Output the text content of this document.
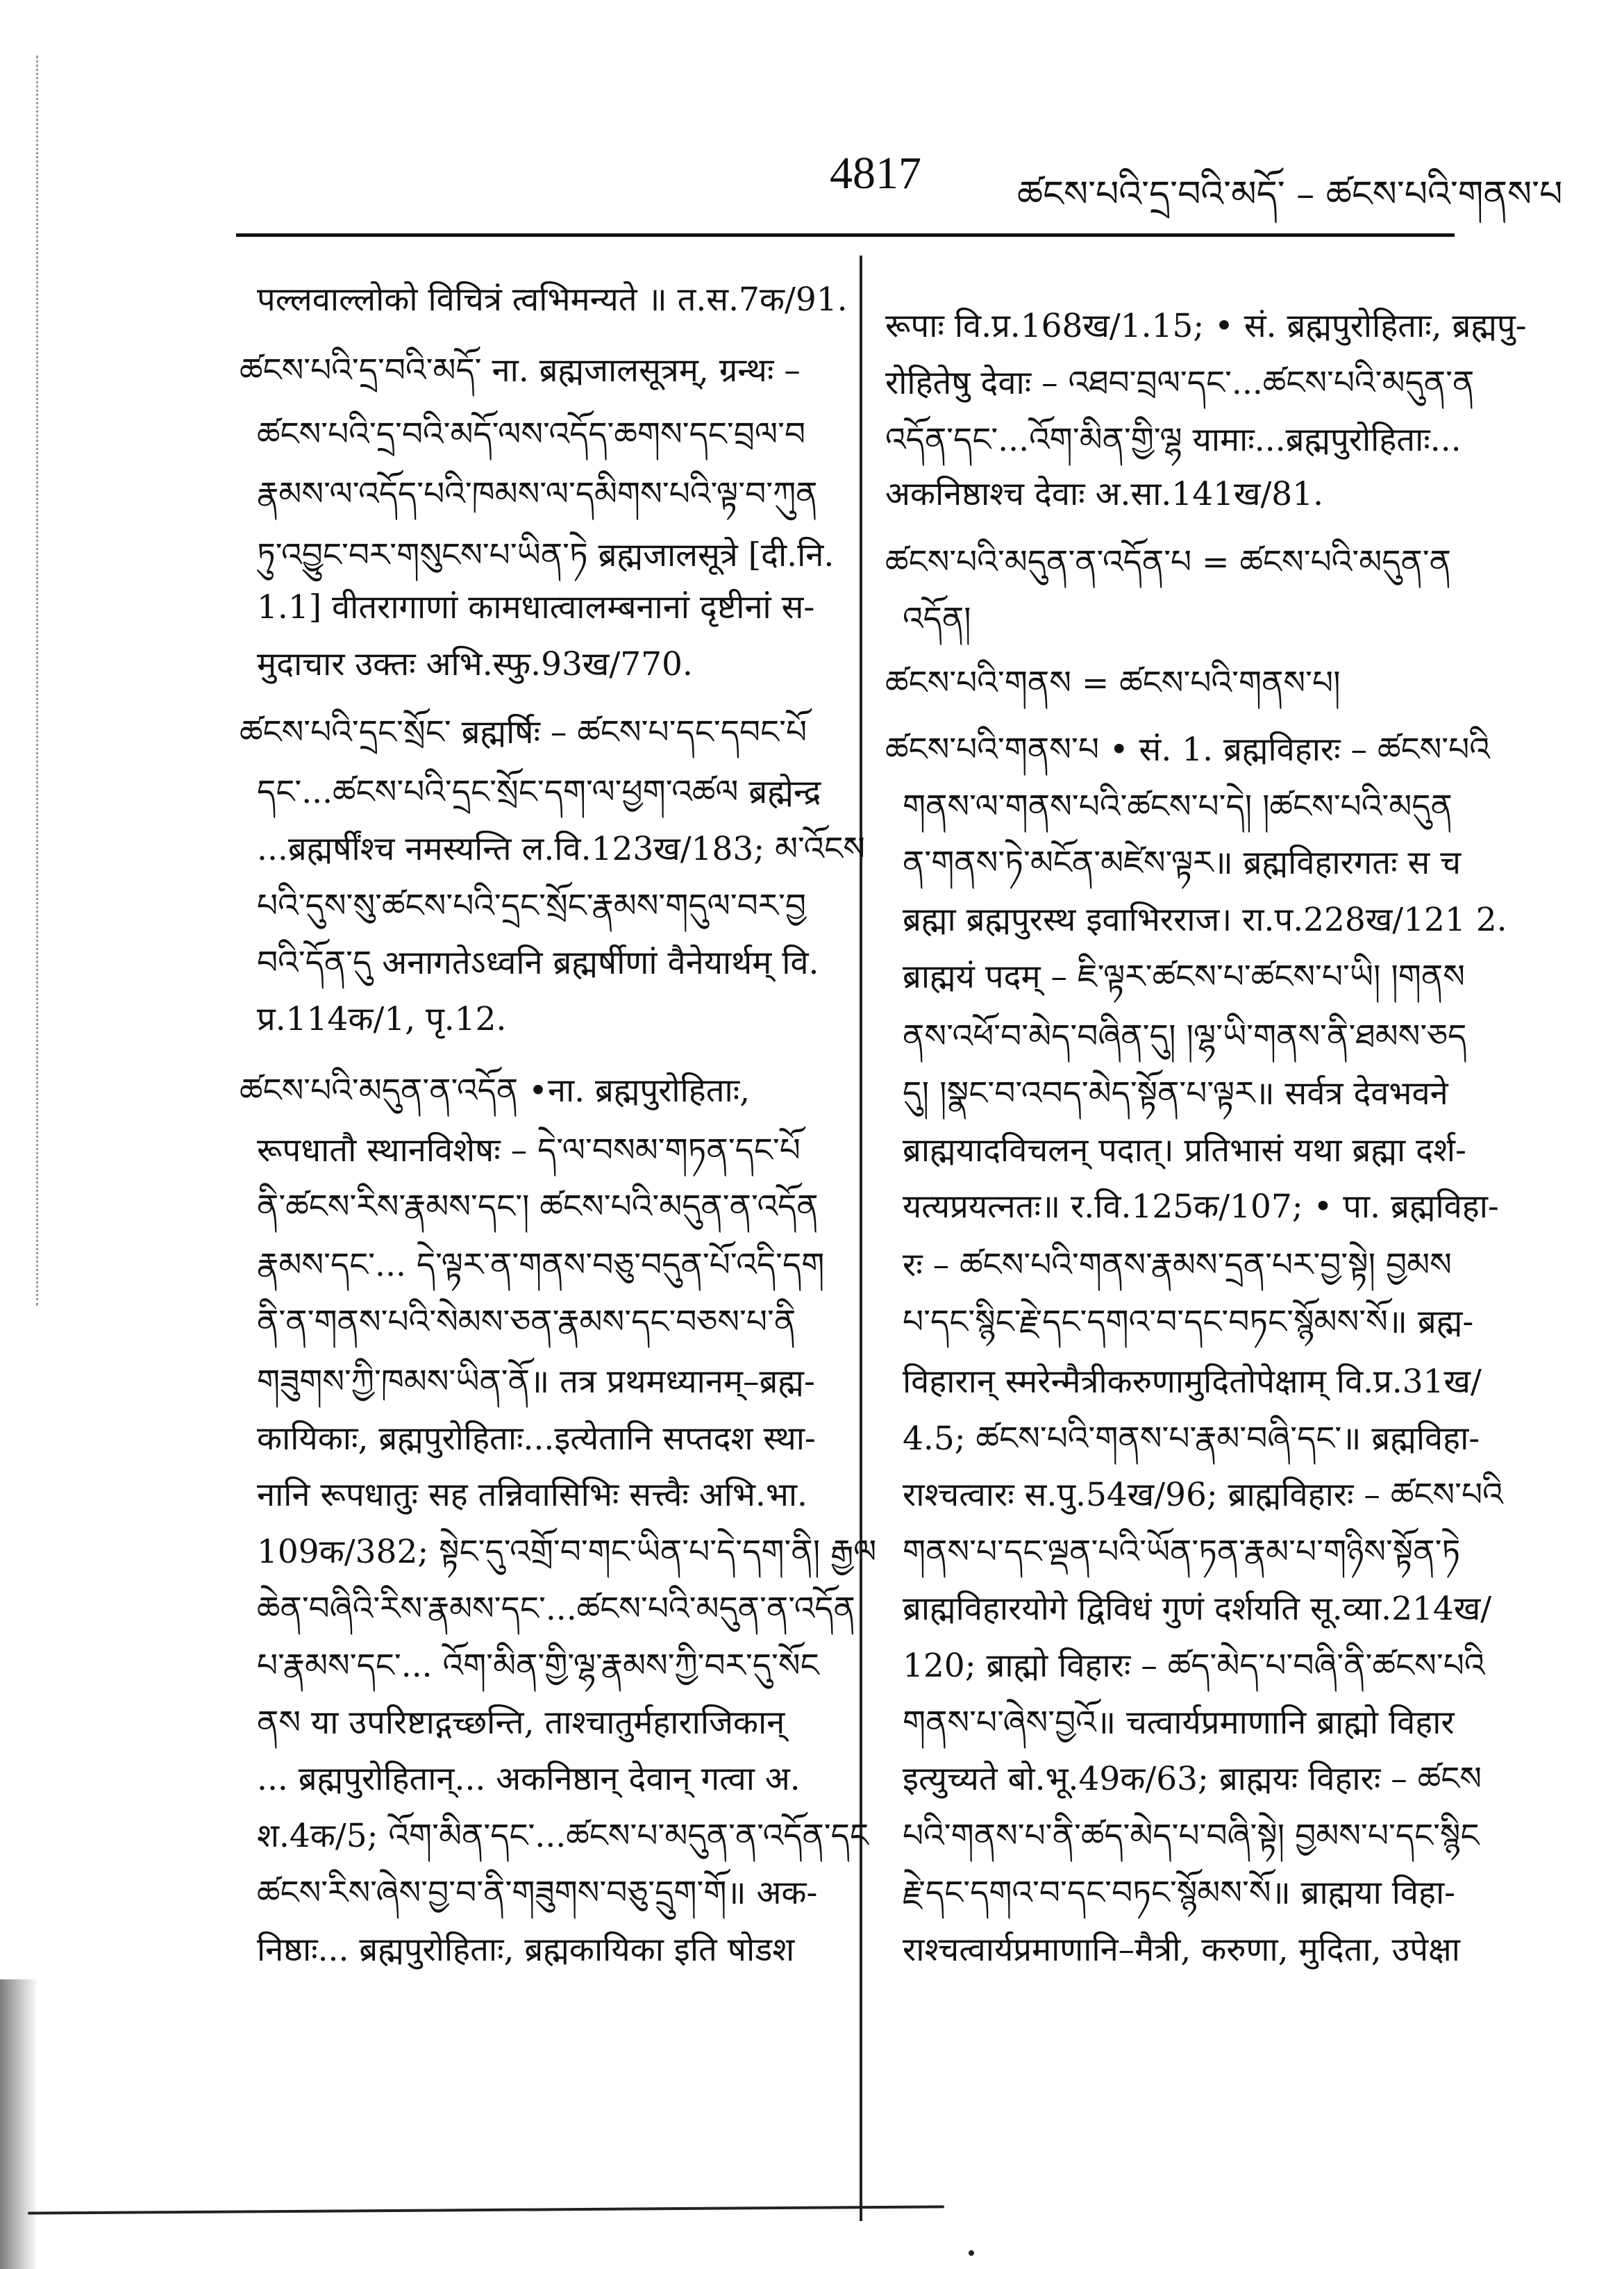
4817	ཚངས་པའི་དྲ་བའི་མདོ་ – ཚངས་པའི་གནས་པ
पल्लवाल्लोको विचित्रं त्वभिमन्यते ॥ त.स.7क/91.
ཚངས་པའི་དྲ་བའི་མདོ་ ना. ब्रह्मजालसूत्रम्, ग्रन्थः –
ཚངས་པའི་དྲ་བའི་མདོ་ལས་འདོད་ཆགས་དང་བྲལ་བ
རྣམས་ལ་འདོད་པའི་ཁམས་ལ་དམིགས་པའི་ལྟ་བ་ཀུན
ཏུ་འབྱུང་བར་གསུངས་པ་ཡིན་ཏེ ब्रह्मजालसूत्रे [दी.नि.
1.1] वीतरागाणां कामधात्वालम्बनानां दृष्टीनां स-
मुदाचार उक्तः अभि.स्फु.93ख/770.
ཚངས་པའི་དྲང་སྲོང་ ब्रह्मर्षिः – ཚངས་པ་དང་དབང་པོ
དང་...ཚངས་པའི་དྲང་སྲོང་དག་ལ་ཕྱག་འཚལ ब्रह्मेन्द्र
...ब्रह्मर्षींश्च नमस्यन्ति ल.वि.123ख/183; མ་འོངས
པའི་དུས་སུ་ཚངས་པའི་དྲང་སྲོང་རྣམས་གདུལ་བར་བྱ
བའི་དོན་དུ अनागतेऽध्वनि ब्रह्मर्षीणां वैनेयार्थम् वि.
प्र.114क/1, पृ.12.
ཚངས་པའི་མདུན་ན་འདོན •ना. ब्रह्मपुरोहिताः,
रूपधातौ स्थानविशेषः – དེ་ལ་བསམ་གཏན་དང་པོ
ནི་ཚངས་རིས་རྣམས་དང་། ཚངས་པའི་མདུན་ན་འདོན
རྣམས་དང་... དེ་ལྟར་ན་གནས་བཅུ་བདུན་པོ་འདི་དག
ནི་ན་གནས་པའི་སེམས་ཅན་རྣམས་དང་བཅས་པ་ནི
གཟུགས་ཀྱི་ཁམས་ཡིན་ནོ॥ तत्र प्रथमध्यानम्–ब्रह्म-
कायिकाः, ब्रह्मपुरोहिताः...इत्येतानि सप्तदश स्था-
नानि रूपधातुः सह तन्निवासिभिः सत्त्वैः अभि.भा.
109क/382; སྟེང་དུ་འགྲོ་བ་གང་ཡིན་པ་དེ་དག་ནི། རྒྱལ
ཆེན་བཞིའི་རིས་རྣམས་དང་...ཚངས་པའི་མདུན་ན་འདོན
པ་རྣམས་དང་... འོག་མིན་གྱི་ལྷ་རྣམས་ཀྱི་བར་དུ་སོང
ནས या उपरिष्टाद्गच्छन्ति, ताश्चातुर्महाराजिकान्
... ब्रह्मपुरोहितान्... अकनिष्ठान् देवान् गत्वा अ.
श.4क/5; འོག་མིན་དང་...ཚངས་པ་མདུན་ན་འདོན་དང
ཚངས་རིས་ཞེས་བྱ་བ་ནི་གཟུགས་བཅུ་དྲུག་གོ॥ अक-
निष्ठाः... ब्रह्मपुरोहिताः, ब्रह्मकायिका इति षोडश
रूपाः वि.प्र.168ख/1.15; • सं. ब्रह्मपुरोहिताः, ब्रह्मपु-
रोहितेषु देवाः – འཐབ་བྲལ་དང་...ཚངས་པའི་མདུན་ན
འདོན་དང་...འོག་མིན་གྱི་ལྷ यामाः...ब्रह्मपुरोहिताः...
अकनिष्ठाश्च देवाः अ.सा.141ख/81.
ཚངས་པའི་མདུན་ན་འདོན་པ = ཚངས་པའི་མདུན་ན
འདོན།
ཚངས་པའི་གནས = ཚངས་པའི་གནས་པ།
ཚངས་པའི་གནས་པ • सं. 1. ब्रह्मविहारः – ཚངས་པའི
གནས་ལ་གནས་པའི་ཚངས་པ་དེ། །ཚངས་པའི་མདུན
ན་གནས་ཏེ་མངོན་མཛེས་ལྟར॥ ब्रह्मविहारगतः स च
ब्रह्मा ब्रह्मपुरस्थ इवाभिरराज। रा.प.228ख/121 2.
ब्राह्मयं पदम् – ཇི་ལྟར་ཚངས་པ་ཚངས་པ་ཡི། །གནས
ནས་འཕོ་བ་མེད་བཞིན་དུ། །ལྷ་ཡི་གནས་ནི་ཐམས་ཅད
དུ། །སྣང་བ་འབད་མེད་སྟོན་པ་ལྟར॥ सर्वत्र देवभवने
ब्राह्मयादविचलन् पदात्। प्रतिभासं यथा ब्रह्मा दर्श-
यत्यप्रयत्नतः॥ र.वि.125क/107; • पा. ब्रह्मविहा-
रः – ཚངས་པའི་གནས་རྣམས་དྲན་པར་བྱ་སྟེ། བྱམས
པ་དང་སྙིང་རྗེ་དང་དགའ་བ་དང་བཏང་སྙོམས་སོ॥ ब्रह्म-
विहारान् स्मरेन्मैत्रीकरुणामुदितोपेक्षाम् वि.प्र.31ख/
4.5; ཚངས་པའི་གནས་པ་རྣམ་བཞི་དང་॥ ब्रह्मविहा-
राश्चत्वारः स.पु.54ख/96; ब्राह्मविहारः – ཚངས་པའི
གནས་པ་དང་ལྡན་པའི་ཡོན་ཏན་རྣམ་པ་གཉིས་སྟོན་ཏེ
ब्राह्मविहारयोगे द्विविधं गुणं दर्शयति सू.व्या.214ख/
120; ब्राह्मो विहारः – ཚད་མེད་པ་བཞི་ནི་ཚངས་པའི
གནས་པ་ཞེས་བྱའོ॥ चत्वार्यप्रमाणानि ब्राह्मो विहार
इत्युच्यते बो.भू.49क/63; ब्राह्मयः विहारः – ཚངས
པའི་གནས་པ་ནི་ཚད་མེད་པ་བཞི་སྟེ། བྱམས་པ་དང་སྙིང
རྗེ་དང་དགའ་བ་དང་བཏང་སྙོམས་སོ॥ ब्राह्मया विहा-
राश्चत्वार्यप्रमाणानि–मैत्री, करुणा, मुदिता, उपेक्षा
